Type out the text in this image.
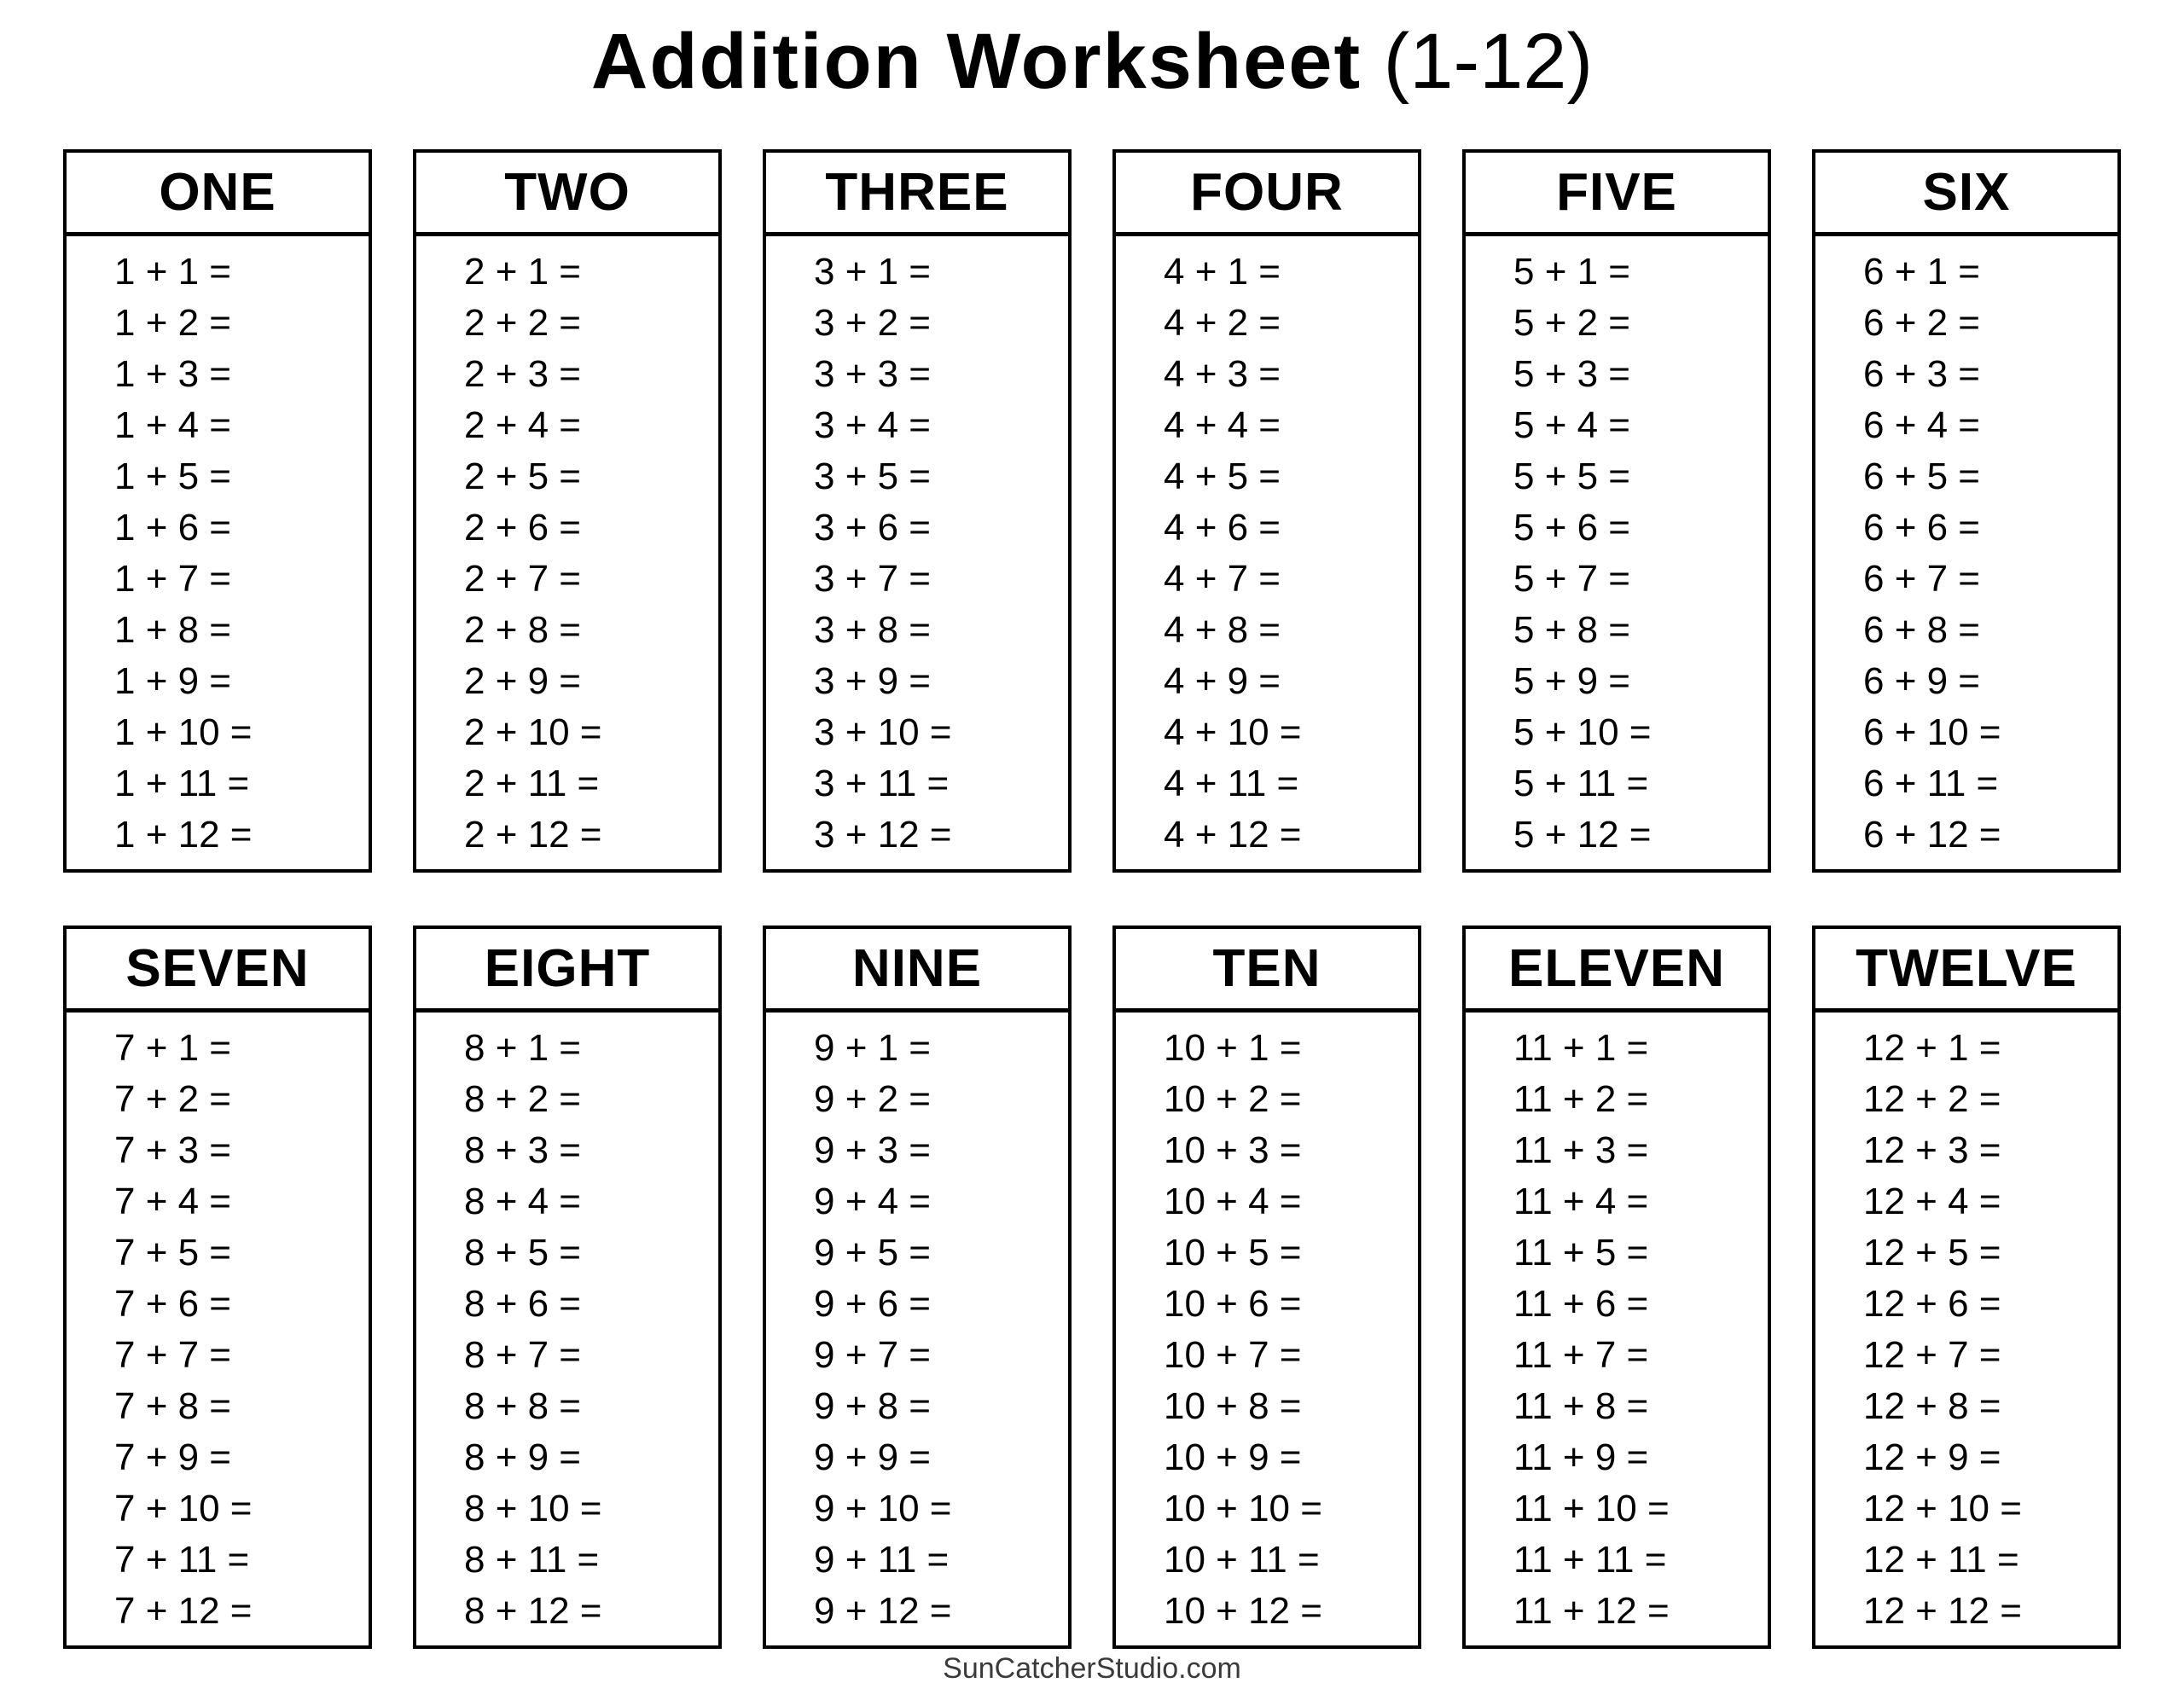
Addition Worksheet (1-12)
ONE
1 + 1 =
1 + 2 =
1 + 3 =
1 + 4 =
1 + 5 =
1 + 6 =
1 + 7 =
1 + 8 =
1 + 9 =
1 + 10 =
1 + 11 =
1 + 12 =
TWO
2 + 1 =
2 + 2 =
2 + 3 =
2 + 4 =
2 + 5 =
2 + 6 =
2 + 7 =
2 + 8 =
2 + 9 =
2 + 10 =
2 + 11 =
2 + 12 =
THREE
3 + 1 =
3 + 2 =
3 + 3 =
3 + 4 =
3 + 5 =
3 + 6 =
3 + 7 =
3 + 8 =
3 + 9 =
3 + 10 =
3 + 11 =
3 + 12 =
FOUR
4 + 1 =
4 + 2 =
4 + 3 =
4 + 4 =
4 + 5 =
4 + 6 =
4 + 7 =
4 + 8 =
4 + 9 =
4 + 10 =
4 + 11 =
4 + 12 =
FIVE
5 + 1 =
5 + 2 =
5 + 3 =
5 + 4 =
5 + 5 =
5 + 6 =
5 + 7 =
5 + 8 =
5 + 9 =
5 + 10 =
5 + 11 =
5 + 12 =
SIX
6 + 1 =
6 + 2 =
6 + 3 =
6 + 4 =
6 + 5 =
6 + 6 =
6 + 7 =
6 + 8 =
6 + 9 =
6 + 10 =
6 + 11 =
6 + 12 =
SEVEN
7 + 1 =
7 + 2 =
7 + 3 =
7 + 4 =
7 + 5 =
7 + 6 =
7 + 7 =
7 + 8 =
7 + 9 =
7 + 10 =
7 + 11 =
7 + 12 =
EIGHT
8 + 1 =
8 + 2 =
8 + 3 =
8 + 4 =
8 + 5 =
8 + 6 =
8 + 7 =
8 + 8 =
8 + 9 =
8 + 10 =
8 + 11 =
8 + 12 =
NINE
9 + 1 =
9 + 2 =
9 + 3 =
9 + 4 =
9 + 5 =
9 + 6 =
9 + 7 =
9 + 8 =
9 + 9 =
9 + 10 =
9 + 11 =
9 + 12 =
TEN
10 + 1 =
10 + 2 =
10 + 3 =
10 + 4 =
10 + 5 =
10 + 6 =
10 + 7 =
10 + 8 =
10 + 9 =
10 + 10 =
10 + 11 =
10 + 12 =
ELEVEN
11 + 1 =
11 + 2 =
11 + 3 =
11 + 4 =
11 + 5 =
11 + 6 =
11 + 7 =
11 + 8 =
11 + 9 =
11 + 10 =
11 + 11 =
11 + 12 =
TWELVE
12 + 1 =
12 + 2 =
12 + 3 =
12 + 4 =
12 + 5 =
12 + 6 =
12 + 7 =
12 + 8 =
12 + 9 =
12 + 10 =
12 + 11 =
12 + 12 =
SunCatcherStudio.com
